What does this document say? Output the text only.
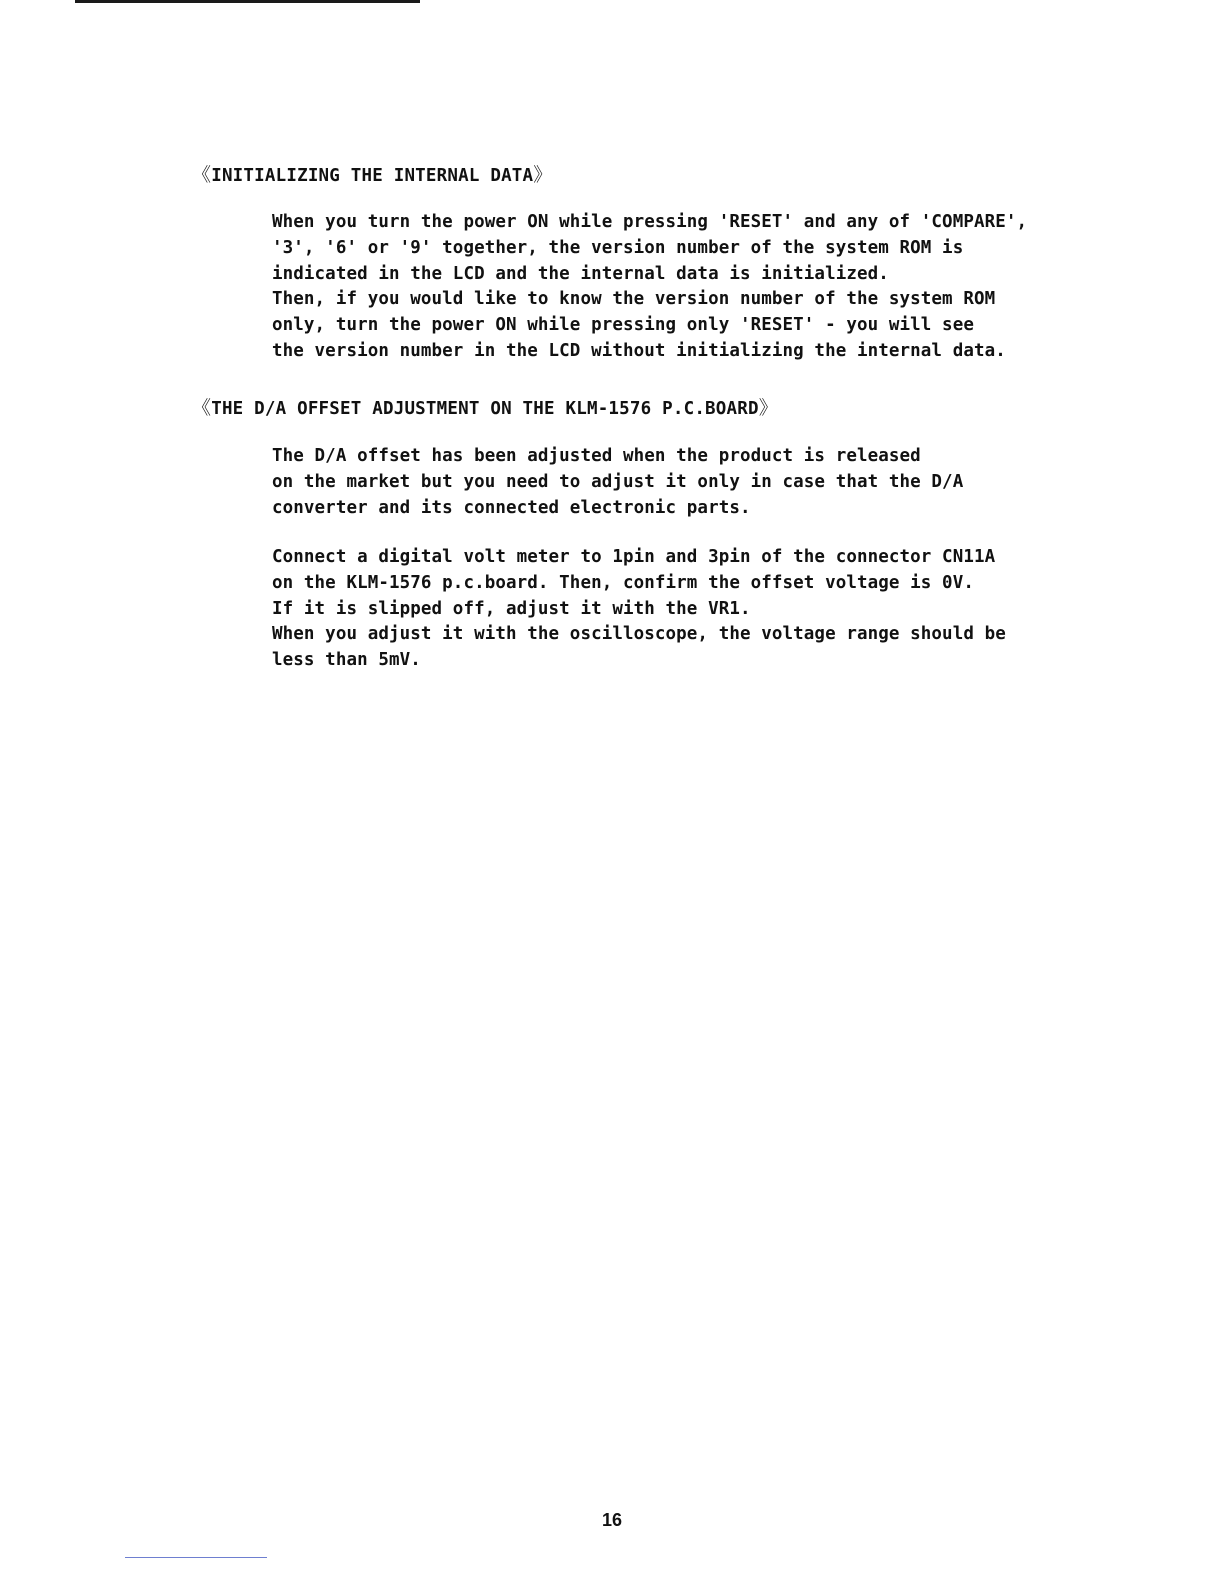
《INITIALIZING THE INTERNAL DATA》
When you turn the power ON while pressing 'RESET' and any of 'COMPARE',
'3', '6' or '9' together, the version number of the system ROM is
indicated in the LCD and the internal data is initialized.
Then, if you would like to know the version number of the system ROM
only, turn the power ON while pressing only 'RESET' - you will see
the version number in the LCD without initializing the internal data.
《THE D/A OFFSET ADJUSTMENT ON THE KLM-1576 P.C.BOARD》
The D/A offset has been adjusted when the product is released
on the market but you need to adjust it only in case that the D/A
converter and its connected electronic parts.
Connect a digital volt meter to 1pin and 3pin of the connector CN11A
on the KLM-1576 p.c.board. Then, confirm the offset voltage is 0V.
If it is slipped off, adjust it with the VR1.
When you adjust it with the oscilloscope, the voltage range should be
less than 5mV.
16
